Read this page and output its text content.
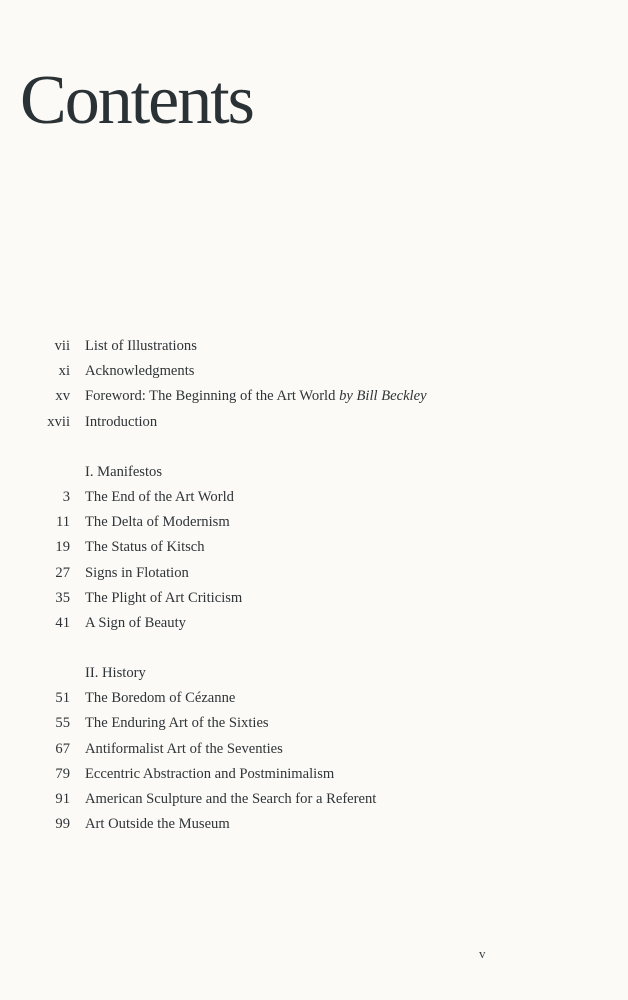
Contents
vii List of Illustrations
xi Acknowledgments
xv Foreword: The Beginning of the Art World by Bill Beckley
xvii Introduction
I. Manifestos
3 The End of the Art World
11 The Delta of Modernism
19 The Status of Kitsch
27 Signs in Flotation
35 The Plight of Art Criticism
41 A Sign of Beauty
II. History
51 The Boredom of Cézanne
55 The Enduring Art of the Sixties
67 Antiformalist Art of the Seventies
79 Eccentric Abstraction and Postminimalism
91 American Sculpture and the Search for a Referent
99 Art Outside the Museum
v
